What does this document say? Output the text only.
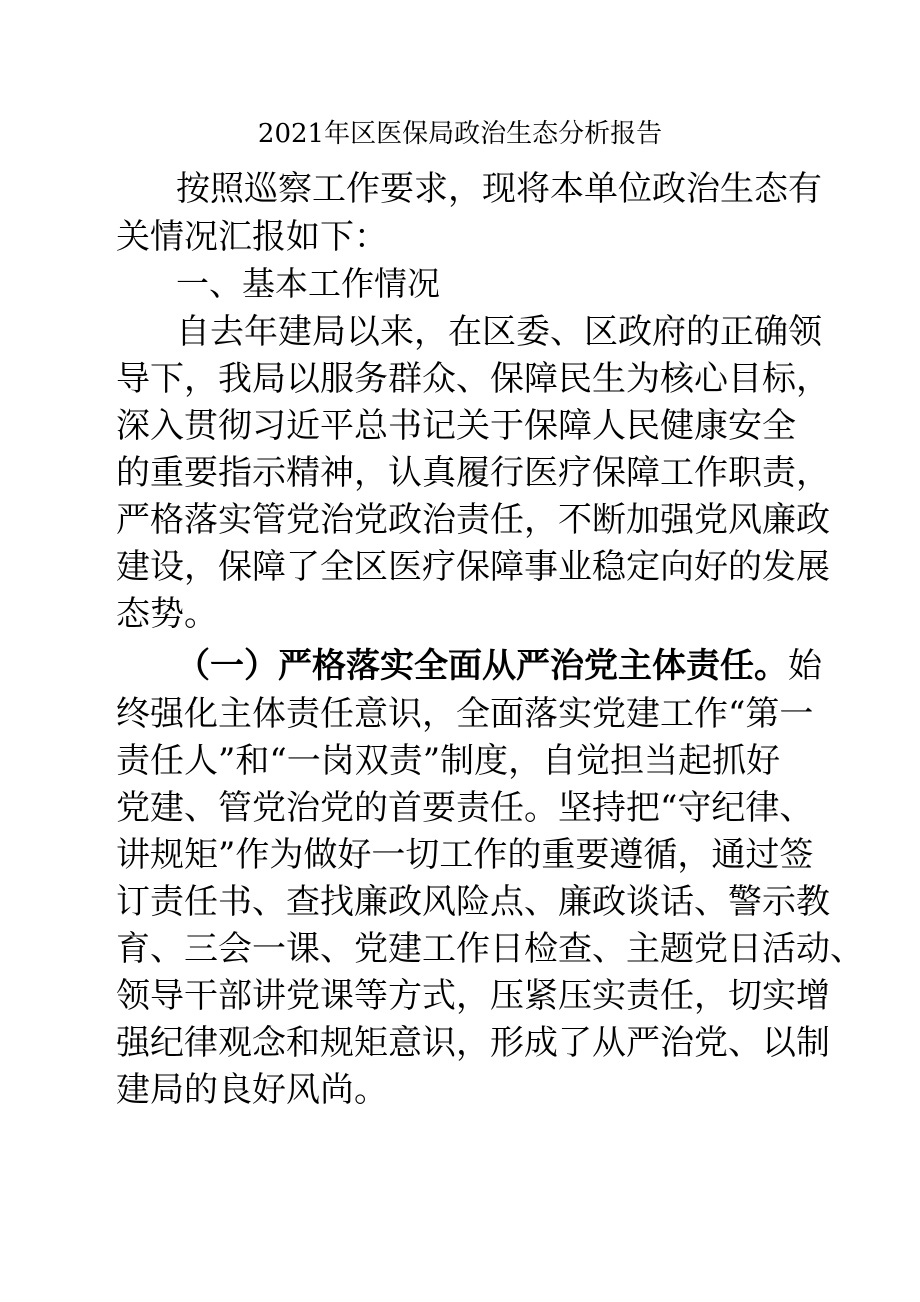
2021年区医保局政治生态分析报告
按照巡察工作要求，现将本单位政治生态有
关情况汇报如下：
一、基本工作情况
自去年建局以来，在区委、区政府的正确领
导下，我局以服务群众、保障民生为核心目标，
深入贯彻习近平总书记关于保障人民健康安全
的重要指示精神，认真履行医疗保障工作职责，
严格落实管党治党政治责任，不断加强党风廉政
建设，保障了全区医疗保障事业稳定向好的发展
态势。
（一）严格落实全面从严治党主体责任。始
终强化主体责任意识，全面落实党建工作“第一
责任人”和“一岗双责”制度，自觉担当起抓好
党建、管党治党的首要责任。坚持把“守纪律、
讲规矩”作为做好一切工作的重要遵循，通过签
订责任书、查找廉政风险点、廉政谈话、警示教
育、三会一课、党建工作日检查、主题党日活动、
领导干部讲党课等方式，压紧压实责任，切实增
强纪律观念和规矩意识，形成了从严治党、以制
建局的良好风尚。
